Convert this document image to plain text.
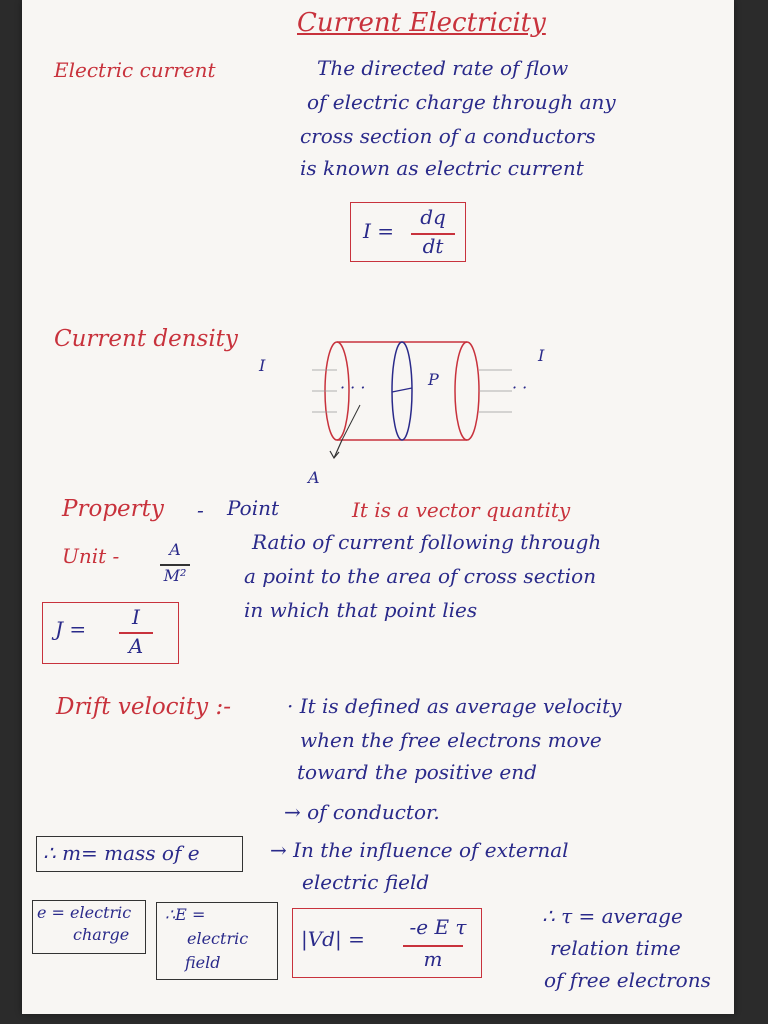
Current Electricity
Electric current	The directed rate of flow
of electric charge through any
cross section of a conductors
is known as electric current
I =
dq
dt
Current density
I
· · ·	· ·
P
I
A
Property - Point	It is a vector quantity
Unit -	A
M²
Ratio of current following through
a point to the area of cross section
in which that point lies
J =	I
A
Drift velocity :-	· It is defined as average velocity
when the free electrons move
toward the positive end
→ of conductor.
∴ m= mass of e	→ In the influence of external
electric field
e = electric
charge
∴E =
electric
field
|Vd| =	-e E τ
m
∴ τ = average
relation time
of free electrons
